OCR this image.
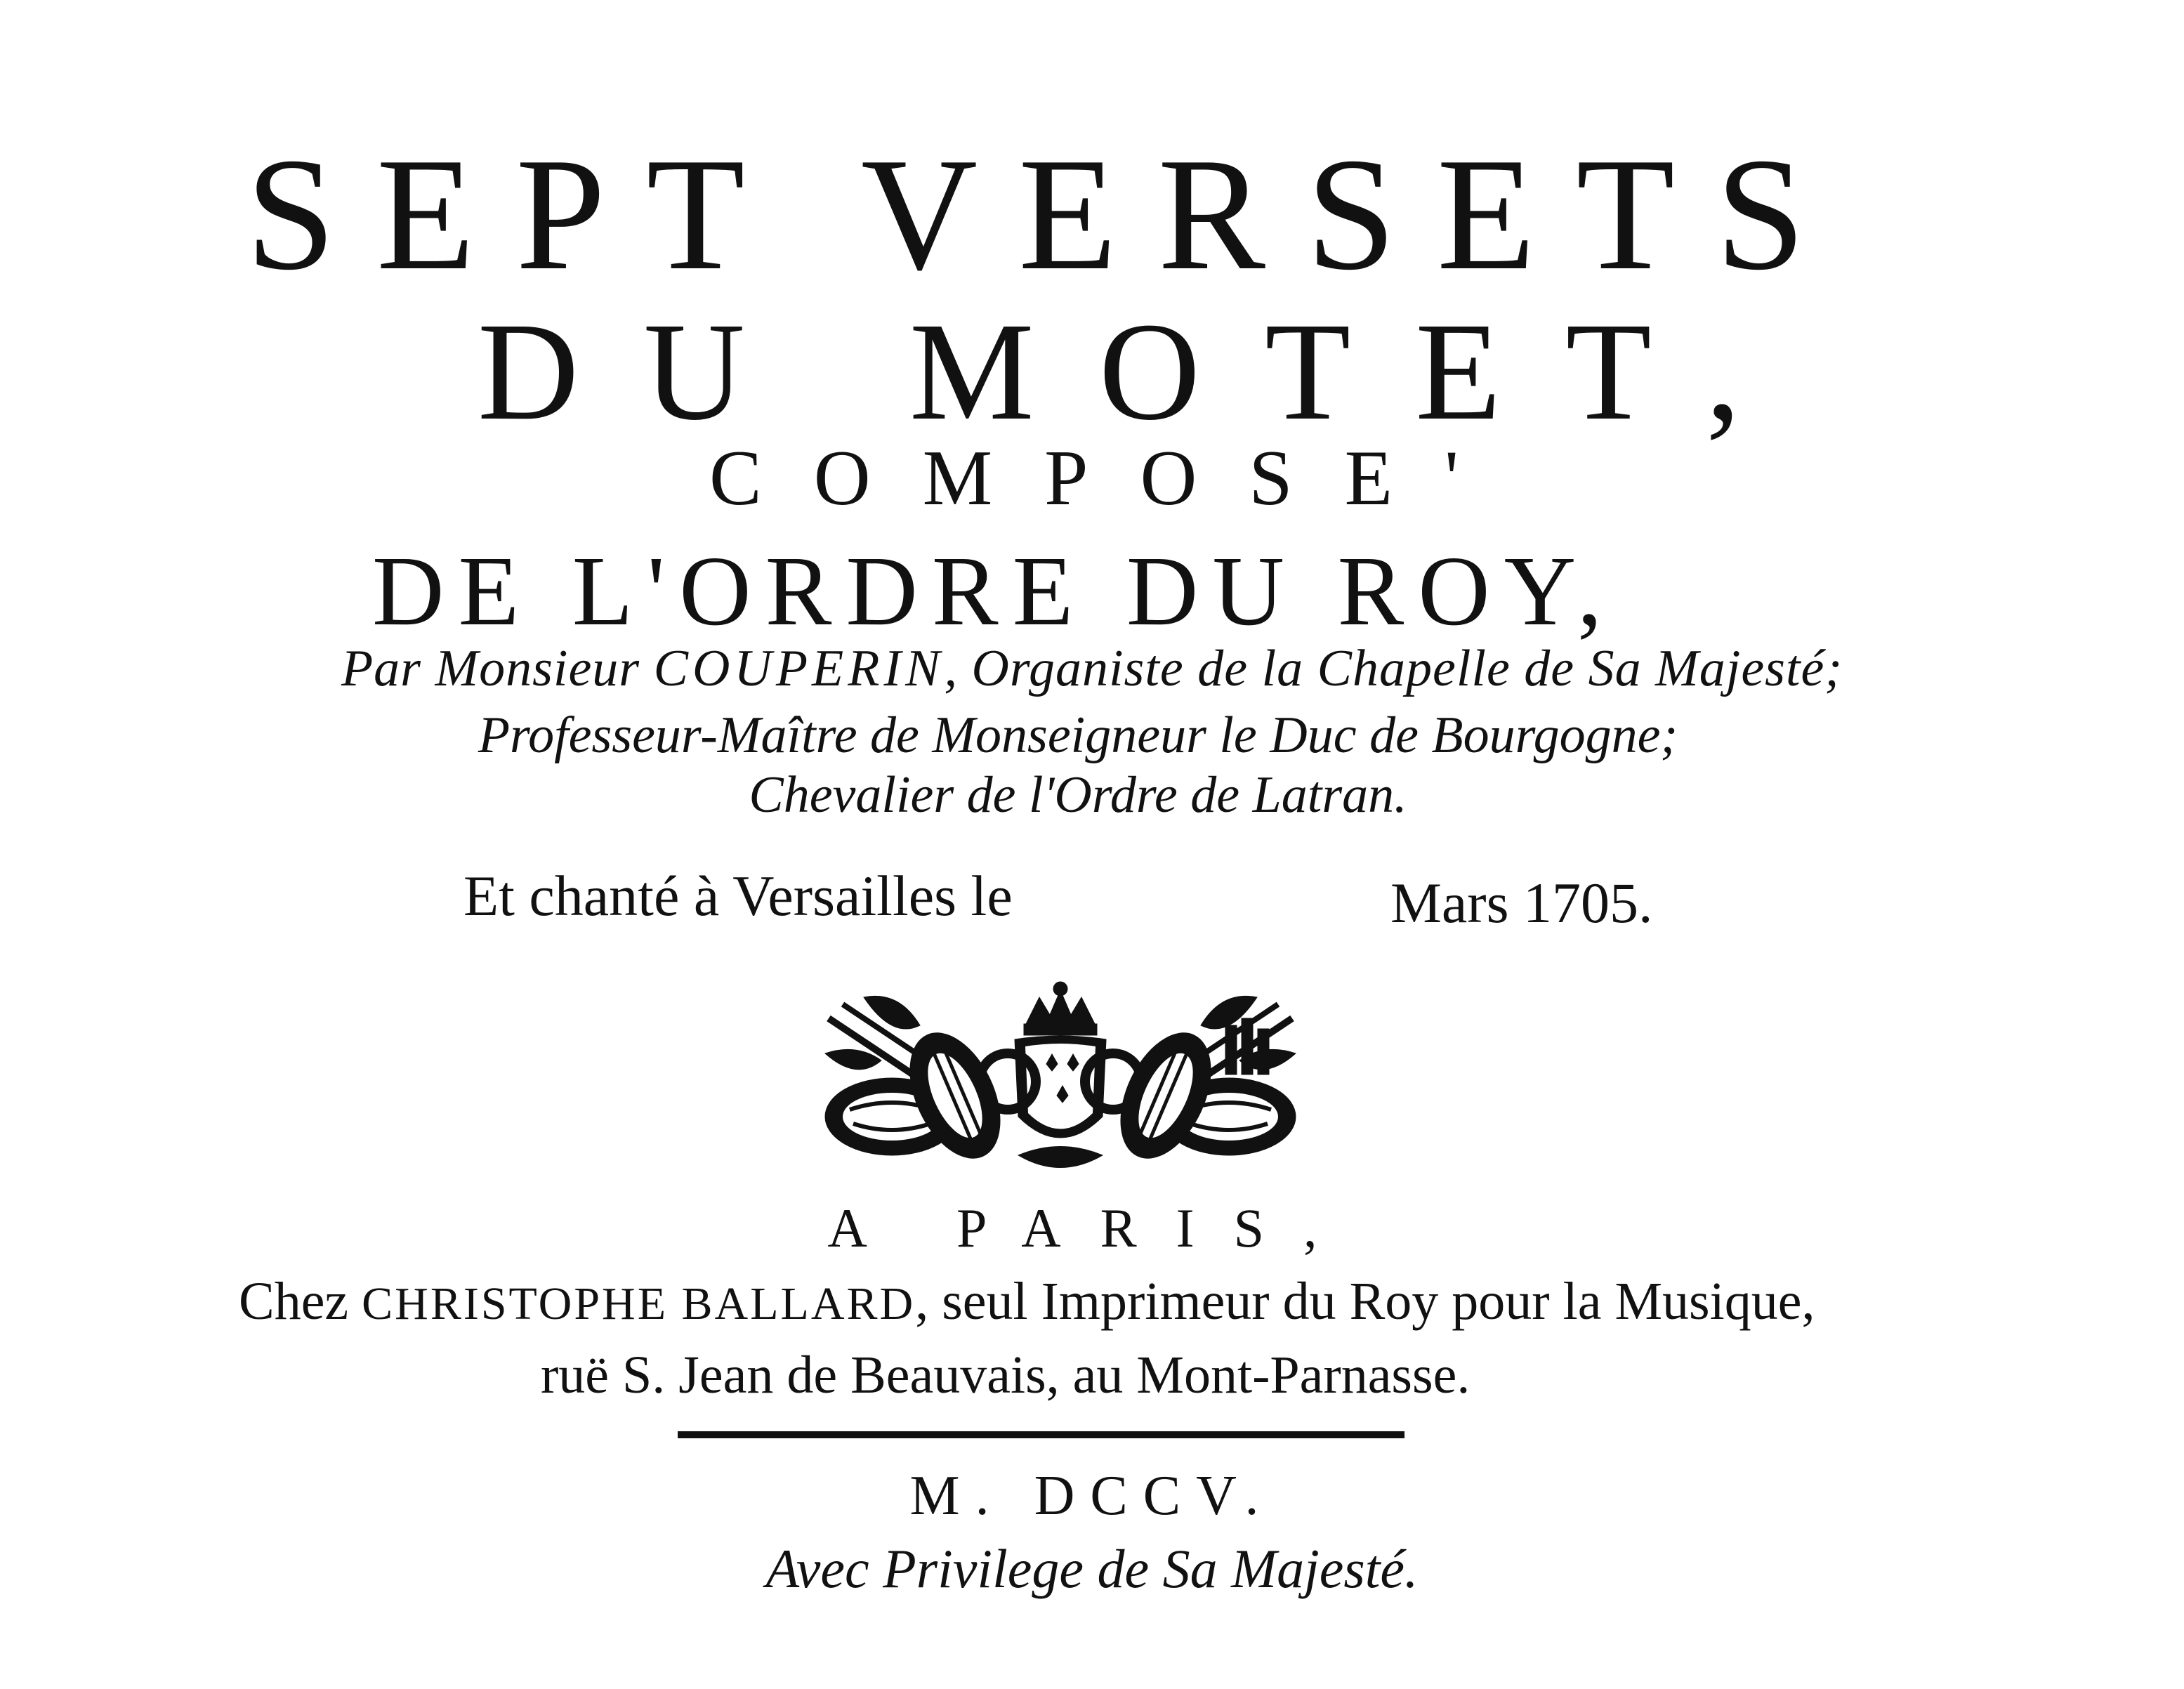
SEPT VERSETS
DU MOTET,
COMPOSE'
DE L'ORDRE DU ROY,
Par Monsieur COUPERIN, Organiste de la Chapelle de Sa Majesté;
Professeur-Maître de Monseigneur le Duc de Bourgogne;
Chevalier de l'Ordre de Latran.
Et chanté à Versailles le	Mars 1705.
A PARIS,
Chez CHRISTOPHE BALLARD, seul Imprimeur du Roy pour la Musique,
ruë S. Jean de Beauvais, au Mont-Parnasse.
M. DCCV.
Avec Privilege de Sa Majesté.
